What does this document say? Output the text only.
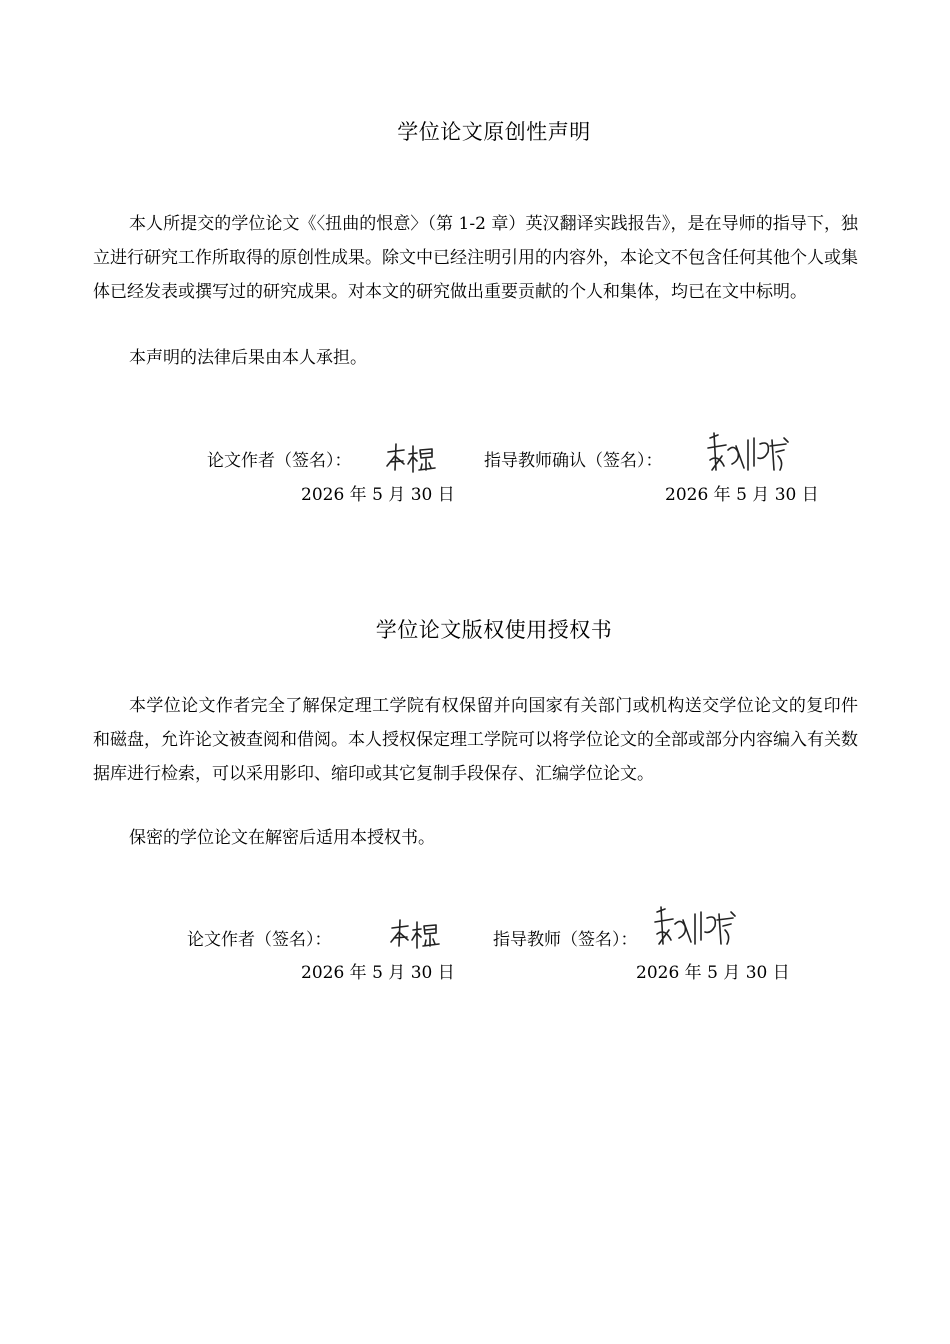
学位论文原创性声明

本人所提交的学位论文《〈扭曲的恨意〉（第 1-2 章）英汉翻译实践报告》，是在导师的指导下，独立进行研究工作所取得的原创性成果。除文中已经注明引用的内容外，本论文不包含任何其他个人或集体已经发表或撰写过的研究成果。对本文的研究做出重要贡献的个人和集体，均已在文中标明。

本声明的法律后果由本人承担。

论文作者（签名）：
2026 年 5 月 30 日
指导教师确认（签名）：
2026 年 5 月 30 日
学位论文版权使用授权书

本学位论文作者完全了解保定理工学院有权保留并向国家有关部门或机构送交学位论文的复印件和磁盘，允许论文被查阅和借阅。本人授权保定理工学院可以将学位论文的全部或部分内容编入有关数据库进行检索，可以采用影印、缩印或其它复制手段保存、汇编学位论文。

保密的学位论文在解密后适用本授权书。

论文作者（签名）：
2026 年 5 月 30 日
指导教师（签名）：
2026 年 5 月 30 日
